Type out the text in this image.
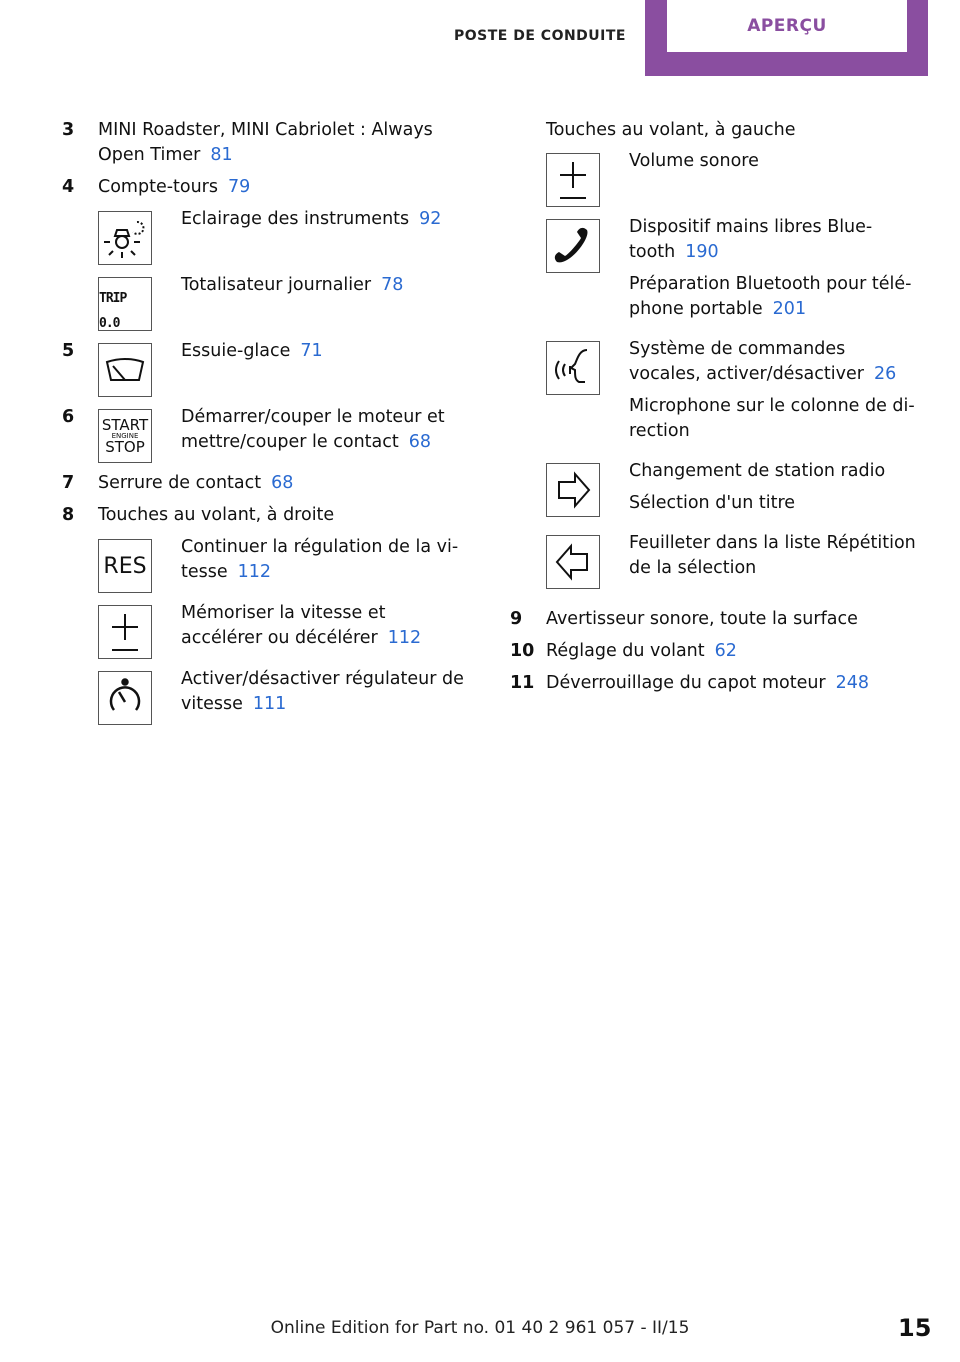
POSTE DE CONDUITE	APERÇU
3	MINI Roadster, MINI Cabriolet : Always Open Timer 81
4	Compte-tours 79
Eclairage des instruments 92
TRIP 0.0
Totalisateur journalier 78
5	Essuie-glace 71
6 START
ENGINE
STOP
Démarrer/couper le moteur et mettre/couper le contact 68
7	Serrure de contact 68
8	Touches au volant, à droite
RES
Continuer la régulation de la vi‐tesse 112
Mémoriser la vitesse et accélérer ou décélérer 112
Activer/désactiver régulateur de vitesse 111
Touches au volant, à gauche

Volume sonore

Dispositif mains libres Blue‐tooth 190

Préparation Bluetooth pour télé‐phone portable 201

Système de commandes vocales, activer/désactiver 26

Microphone sur le colonne de di‐rection

Changement de station radio

Sélection d'un titre

Feuilleter dans la liste Répétition de la sélection

9	Avertisseur sonore, toute la surface
10 Réglage du volant 62
11 Déverrouillage du capot moteur 248
Online Edition for Part no. 01 40 2 961 057 - II/15	15
